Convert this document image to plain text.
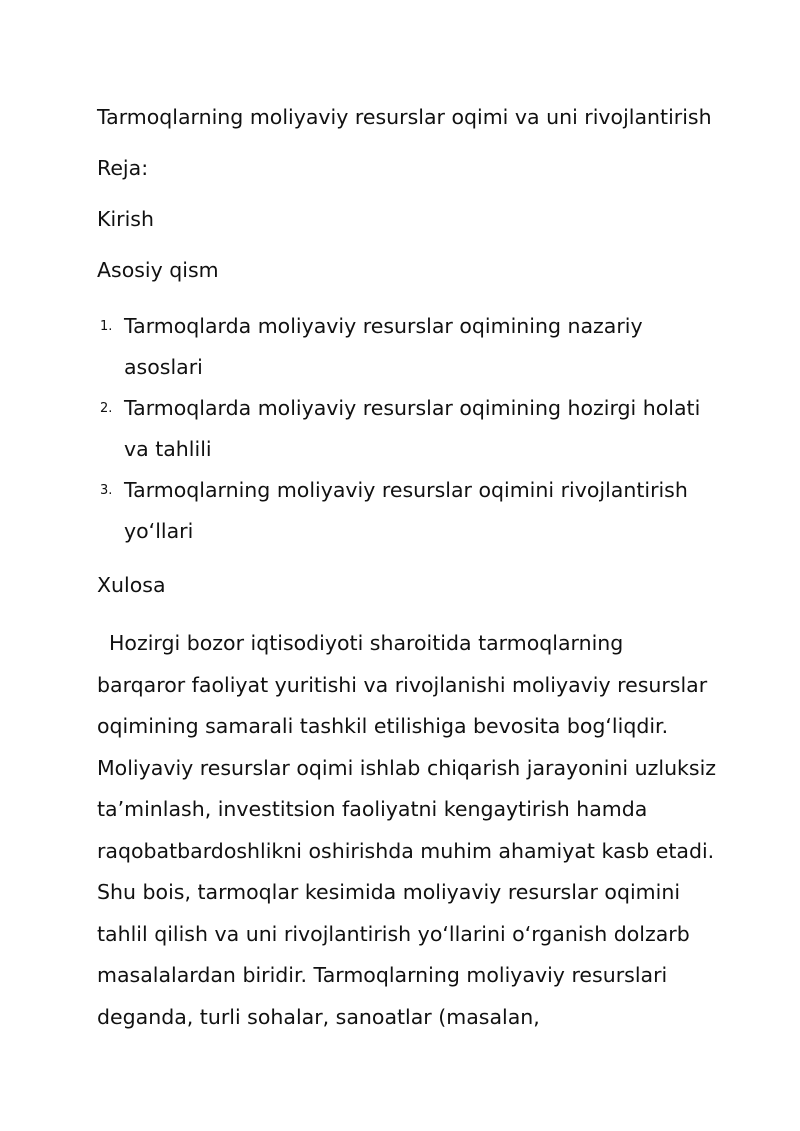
Tarmoqlarning moliyaviy resurslar oqimi va uni rivojlantirish
Reja:
Kirish
Asosiy qism
1. Tarmoqlarda moliyaviy resurslar oqimining nazariy asoslari
2. Tarmoqlarda moliyaviy resurslar oqimining hozirgi holati va tahlili
3. Tarmoqlarning moliyaviy resurslar oqimini rivojlantirish yo‘llari
Xulosa

Hozirgi bozor iqtisodiyoti sharoitida tarmoqlarning barqaror faoliyat yuritishi va rivojlanishi moliyaviy resurslar oqimining samarali tashkil etilishiga bevosita bog‘liqdir. Moliyaviy resurslar oqimi ishlab chiqarish jarayonini uzluksiz ta’minlash, investitsion faoliyatni kengaytirish hamda raqobatbardoshlikni oshirishda muhim ahamiyat kasb etadi. Shu bois, tarmoqlar kesimida moliyaviy resurslar oqimini tahlil qilish va uni rivojlantirish yo‘llarini o‘rganish dolzarb masalalardan biridir. Tarmoqlarning moliyaviy resurslari deganda, turli sohalar, sanoatlar (masalan,
